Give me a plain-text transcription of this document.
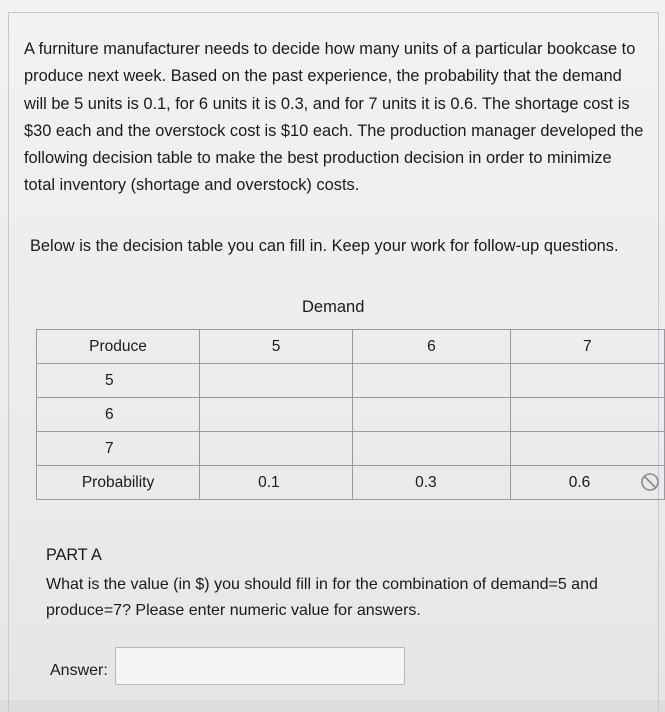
A furniture manufacturer needs to decide how many units of a particular bookcase to produce next week. Based on the past experience, the probability that the demand will be 5 units is 0.1, for 6 units it is 0.3, and for 7 units it is 0.6. The shortage cost is $30 each and the overstock cost is $10 each. The production manager developed the following decision table to make the best production decision in order to minimize total inventory (shortage and overstock) costs.

Below is the decision table you can fill in. Keep your work for follow-up questions.

Demand
Produce	5	6	7
5			
6			
7			
Probability	0.1	0.3	0.6

PART A

What is the value (in $) you should fill in for the combination of demand=5 and produce=7? Please enter numeric value for answers.

Answer:
